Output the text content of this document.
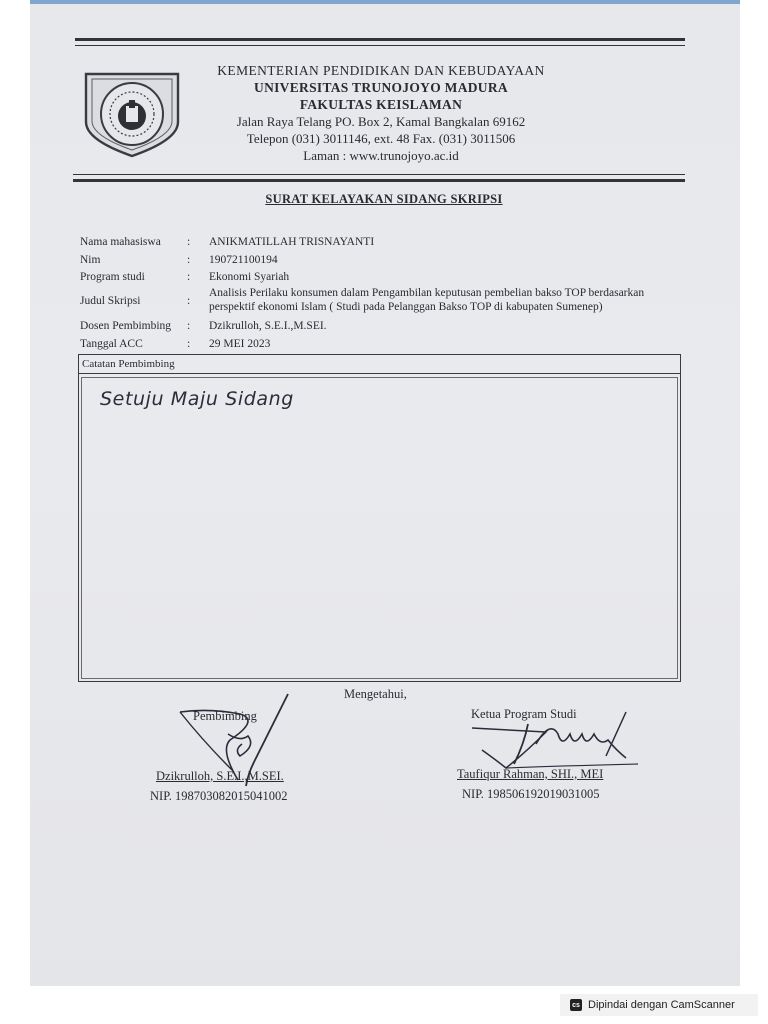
KEMENTERIAN PENDIDIKAN DAN KEBUDAYAAN
UNIVERSITAS TRUNOJOYO MADURA
FAKULTAS KEISLAMAN
Jalan Raya Telang PO. Box 2, Kamal Bangkalan 69162
Telepon (031) 3011146, ext. 48 Fax. (031) 3011506
Laman : www.trunojoyo.ac.id
SURAT KELAYAKAN SIDANG SKRIPSI
Nama mahasiswa : ANIKMATILLAH TRISNAYANTI
Nim	: 190721100194
Program studi	: Ekonomi Syariah
Judul Skripsi	:
Analisis Perilaku konsumen dalam Pengambilan keputusan pembelian bakso TOP berdasarkan perspektif ekonomi Islam ( Studi pada Pelanggan Bakso TOP di kabupaten Sumenep)
Dosen Pembimbing : Dzikrulloh, S.E.I.,M.SEI.
Tanggal ACC	: 29 MEI 2023
Catatan Pembimbing
Setuju Maju Sidang
Mengetahui,
Pembimbing
Dzikrulloh, S.E.I.,M.SEI.
NIP. 198703082015041002
Ketua Program Studi
Taufiqur Rahman, SHI., MEI
NIP. 198506192019031005
cs Dipindai dengan CamScanner
